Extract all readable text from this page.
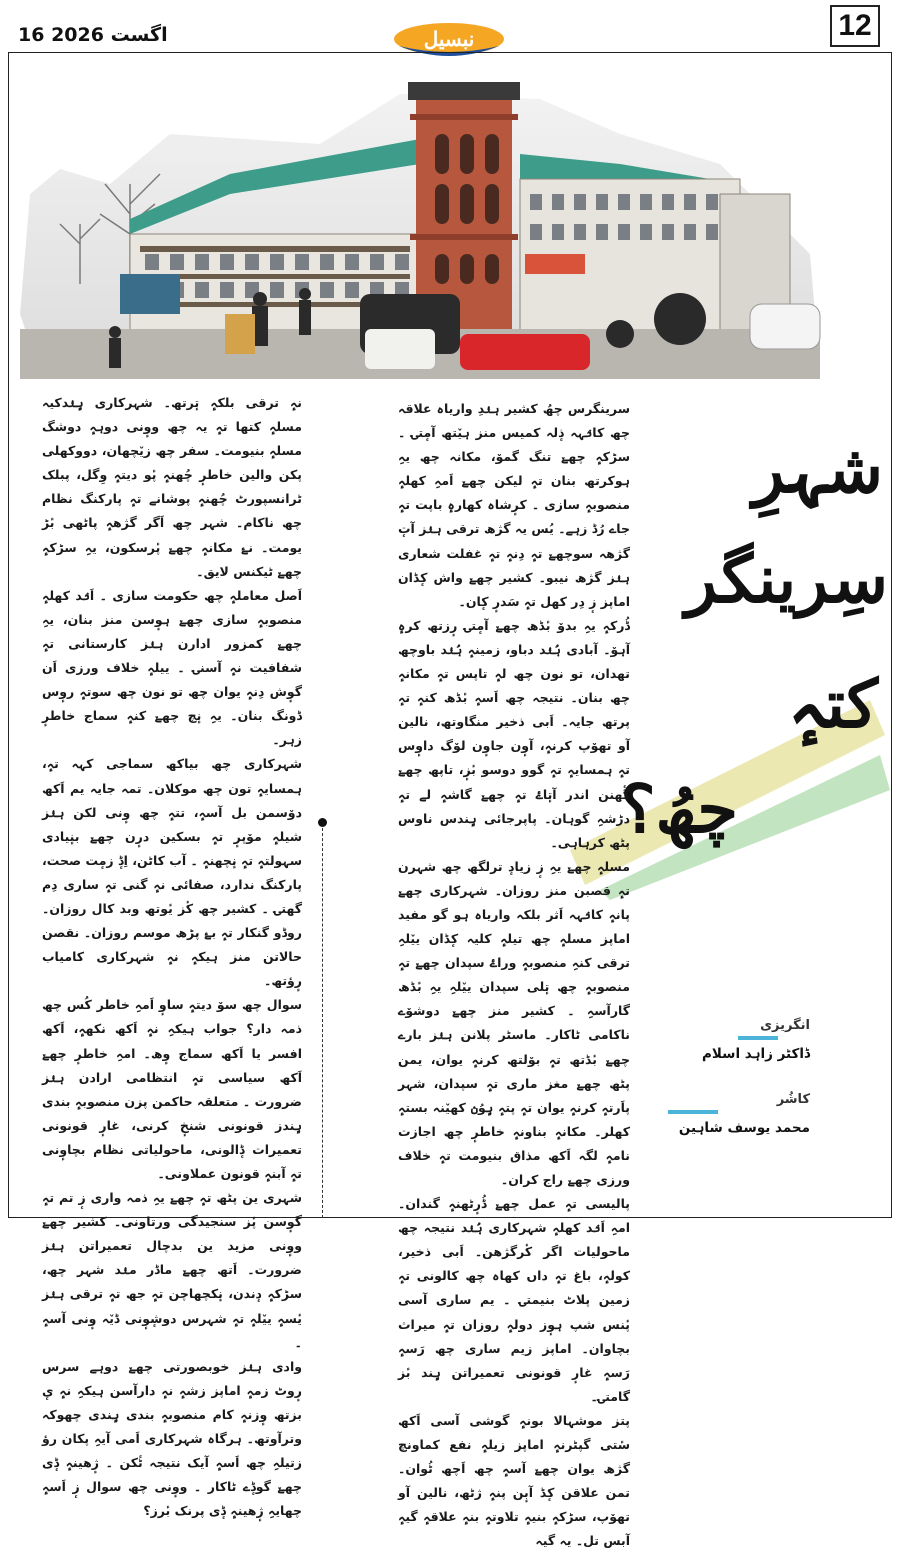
16 اگست 2026	نبسیل	12
شہرِ
سِرینگر
کتہٕ
چھُ؟
انگریزی
ڈاکٹر زاہد اسلام
کاشُر
محمد یوسف شاہین

سرینگرس چھُ کشیر ہنٛدِ واریاہ علاقہ چھ کانٛہہ ذٕلہ کمیس منز ہیٚتھ آمٕتۍ ۔ سڑکہٕ چھےٚ تنگ گموٚ، مکانہ چھ یہِ ہوکرتھ بنان تہٕ لیکن چھےٚ اَمہِ کھلہٕ منصوبہٕ سازی ۔ کرٕشاہ کھارہٕ باپت تہٕ جاے رُڈ زہے۔ یُس یہ گژھ ترقی ہنٛز آتٕ گژھہ سوچھےٚ تہٕ دِنہٕ تہٕ غفلت شعاری ہنٛز گژھ نیبو۔ کشیر چھےٚ واش کٕڈان اماپز زٕ دِر کھل تہٕ سَدرٕ کٕان۔

ڈُرکہٕ یہِ بدوٚ بٔڈھ چھےٚ آمٕتۍ رٕزتھ کرہٕ آہوٚ۔ آبادی ہُنٛد دباو، زمینہٕ ہُنٛد باوچھ تھدان، تو نون چھ لہٕ تاپس تہٕ مکانہٕ چھ بنان۔ نتیجہ چھ اَسہٕ بٔڈھ کنہٕ تہٕ پرتھ جایہ۔ اَبی ذخیر منگاوتھ، نالین آو تھوٚپ کرنہٕ، آوٕن جاوٕن لوٚگ داوٕس تہٕ ہمسایہٕ تہٕ گوو دوسو بٔزٕ، تاپھ چھےٚ گٔھنن اندر آتٕاۓ تہٕ چھےٚ گاشہٕ لے تہٕ دڑشہِ گوہان۔ پاپرجائی ہٕندس ناوس پٹھ کرہاہی۔

مسلہٕ چھےٚ یہِ زٕ زیادٕ ترلگھ چھ شہرن تہٕ قصبن منز روزان۔ شہرکاری چھےٚ پانہٕ کانٛہہ اَثر بلکہ واریاہ ہو گو مفید اماپز مسلہٕ چھ تیلہٕ کلیہ کٕڈان ییٚلہِ ترقی کنہِ منصوبہٕ وراۓ سپدان چھےٚ تہٕ منصوبہٕ چھ تٕلی سپدان ییٚلہِ یہِ بٔڈھ گارآسہِ ۔ کشیر منز چھےٚ دوشوٚے ناکامی ٹاکار۔ ماسٹر پلانن ہنٛز بارے چھےٚ بٔڈتھ تہٕ بوٚلتھ کرنہٕ یوان، یمن پٹھ چھےٚ مغز ماری تہٕ سپدان، شہر پاَرتہٕ کرنہٕ یوان تہٕ پتہٕ ہٕوُنٛ کھیٚنہ بستہٕ کھلر۔ مکانہٕ بناونہٕ خاطرٕ چھ اجازت نامہٕ لگہ اَکھ مذاق بنیومت تہٕ خلاف ورزی چھےٚ راج کران۔

پالیسی تہٕ عمل چھےٚ ڈُرٕٹھنہٕ گندان۔ امہِ اَنٛد کھلہٕ شہرکاری ہُنٛد نتیجہ چھ ماحولیات اگر کٔرگژھن۔ اَبی ذخیر، کولہٕ، باغ تہٕ داں کھاہ چھ کالونی تہٕ زمین پلاٹ بنیمتۍ ۔ یم ساری آسی پٔنس شپ ہوٕز دولہٕ روزان تہٕ میراث بچاوان۔ اماپز زیم ساری چھ رَسہٕ رَسہٕ غارٕ قونونی تعمیراتن ہٕند بٔز گامتۍ۔

پتز موشہالا بونہٕ گوشی آسی اَکھ سٔتی گپٹرنہٕ اماپز زیلہٕ نفع کماونچ گژھ یوان چھےٚ آسہٕ چھ اَچھ ٹُوان۔ تمن علاقن کٕڈ آبٕن پنہٕ ژٹھ، نالین آو تھوٚپ، سڑکہٕ بنیہٕ تلاوتہٕ بنہٕ علاقہٕ گیہٕ آبس تل۔ یہ گیہ

نہٕ ترقی بلکہٕ تٕرتھ۔ شہرکاری ہٕنٛدکیہ مسلہٕ کتھا تہٕ یہ چھ ووٕنی دوہہٕ دوشگ مسلہٕ بنیومت۔ سفر چھ زیٚچھان، دووکھلی پکن والین خاطرٕ چُھنہٕ پٔو دیتہٕ وِگل، پبلک ٹرانسپورٹ چُھنہٕ پوشانے تہٕ پارکنگ نظام چھ ناکام۔ شہر چھ اَگر گژھہٕ پاٹھی بٔڑ یومت۔ نۓ مکانہٕ چھےٚ پٔرسکون، یہِ سڑکہٕ چھےٚ ٹیکنس لایق۔

اَصل معاملہٕ چھ حکومت سازی ۔ اَنٛد کھلہٕ منصوبہٕ سازی چھےٚ ہوٕسن منز بنان، یہِ چھےٚ کمزور ادارن ہنٛز کارستانی تہٕ شفافیت نہٕ آسنۍ ۔ ییلہٕ خلاف ورزی اَن گوٕش دِنہٕ یوان چھ تو نون چھ سوتہٕ روٕس ڈونگ بنان۔ یہِ نٕچ چھےٚ کنہٕ سماج خاطرٕ زہر۔

شہرکاری چھ بیاکھ سماجی کہہ تہٕ، ہمسایہٕ تون چھ موکلان۔ تمہ جایہ یم اَکھ دوٚسمن بل آسہٕ، تتہٕ چھ وٕنی لکن ہنٛز شیلہٕ موٚپرٕ تہٕ بسکین درٕن چھےٚ بنٕیادی سہولتہٕ تہٕ نٕچھنہٕ ۔ آب کاٹن، اِڈٕ زمٕت صحت، پارکنگ ندارد، صفائی نہٕ گنی تہٕ ساری دِم گھتۍ ۔ کشیر چھ کٔز یٔوتھ وبد کال روزان۔ روڈو گنکار تہٕ بۓ پڑھ موسم روزان۔ نقصن حالاتن منز ہیکہٕ نہٕ شہرکاری کامیاب رٕؤتھ۔

سوال چھ سوٚ دیتہٕ ساوٕ اَمہِ خاطر کُس چھ ذمہ دار؟ جواب ہیکہِ نہٕ اَکھ نکھہٕ، اَکھ افسر یا اَکھ سماج وٕھ۔ امہِ خاطرٕ چھےٚ اَکھ سیاسی تہٕ انتظامی ارادن ہنٛز ضرورت ۔ متعلقہ حاکمن پزن منصوبہٕ بندی ہٕندز قونونی شنخٕ کرنی، غارٕ قونونی تعمیرات ڈٕالونی، ماحولیاتی نظام بچاوٕنی تہٕ آبنہٕ قونون عملاونی۔

شہری ین پٹھ تہٕ چھےٚ یہِ ذمہ واری زٕ تم تہٕ گوٕسن پٔز سنجیدگی ورتاونی۔ کشیر چھےٚ ووٕنی مزید ین بدچال تعمیراتن ہنٛز ضرورت۔ اَتھ چھےٚ ماڈر منٛد شہر چھ، سڑکہٕ دٕندن، نٕکچھاچن تہٕ جھ تہٕ ترقی ہنٛز یٔسہٕ ییٚلہٕ تہٕ شہرس دوشٕوٕنی ڈیٚہ وٕنی آسہٕ ۔

وادی ہنٛز خوبصورتی چھےٚ دوہے سرس رٕوٹ زمہٕ اماپز زشہٕ نہٕ دارآسن ہیکہِ نہٕ یٕ بزتھ وٕزنہٕ کام منصوبہٕ بندی ہٕندی چھوکہ وترآوتھ۔ ہرگاہ شہرکاری اَمی آیہِ پکان رؤ زتیلہِ چھ اَسہٕ آیک نتیجہ ٹٔکن ۔ ژٕھینہٕ ڈٕی چھےٚ گوڈٕے ٹاکار ۔ ووٕنی چھ سوال زٕ اَسہٕ چھایہِ ژٕھینہٕ ڈٕی پرنک بٔرز؟
